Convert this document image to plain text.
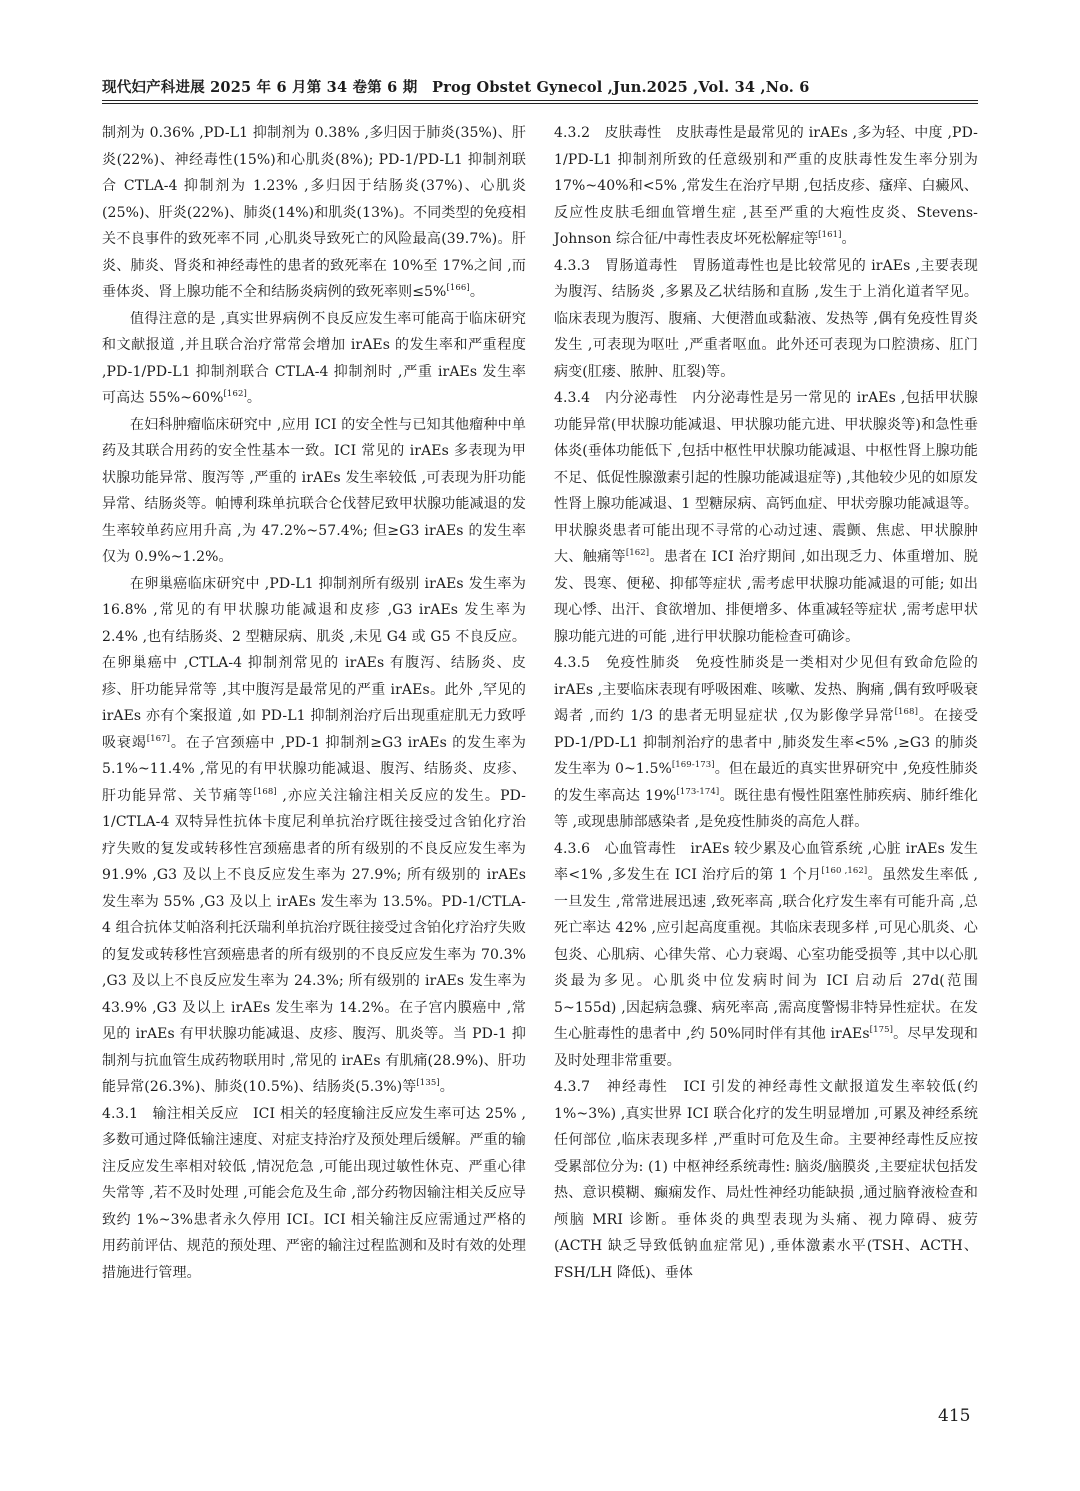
现代妇产科进展 2025 年 6 月第 34 卷第 6 期　Prog Obstet Gynecol ,Jun.2025 ,Vol. 34 ,No. 6

制剂为 0.36% ,PD-L1 抑制剂为 0.38% ,多归因于肺炎(35%)、肝炎(22%)、神经毒性(15%)和心肌炎(8%); PD-1/PD-L1 抑制剂联合 CTLA-4 抑制剂为 1.23% ,多归因于结肠炎(37%)、心肌炎(25%)、肝炎(22%)、肺炎(14%)和肌炎(13%)。不同类型的免疫相关不良事件的致死率不同 ,心肌炎导致死亡的风险最高(39.7%)。肝炎、肺炎、肾炎和神经毒性的患者的致死率在 10%至 17%之间 ,而垂体炎、肾上腺功能不全和结肠炎病例的致死率则≤5%[166]。

值得注意的是 ,真实世界病例不良反应发生率可能高于临床研究和文献报道 ,并且联合治疗常常会增加 irAEs 的发生率和严重程度 ,PD-1/PD-L1 抑制剂联合 CTLA-4 抑制剂时 ,严重 irAEs 发生率可高达 55%~60%[162]。

在妇科肿瘤临床研究中 ,应用 ICI 的安全性与已知其他瘤种中单药及其联合用药的安全性基本一致。ICI 常见的 irAEs 多表现为甲状腺功能异常、腹泻等 ,严重的 irAEs 发生率较低 ,可表现为肝功能异常、结肠炎等。帕博利珠单抗联合仑伐替尼致甲状腺功能减退的发生率较单药应用升高 ,为 47.2%~57.4%; 但≥G3 irAEs 的发生率仅为 0.9%~1.2%。

在卵巢癌临床研究中 ,PD-L1 抑制剂所有级别 irAEs 发生率为 16.8% ,常见的有甲状腺功能减退和皮疹 ,G3 irAEs 发生率为 2.4% ,也有结肠炎、2 型糖尿病、肌炎 ,未见 G4 或 G5 不良反应。在卵巢癌中 ,CTLA-4 抑制剂常见的 irAEs 有腹泻、结肠炎、皮疹、肝功能异常等 ,其中腹泻是最常见的严重 irAEs。此外 ,罕见的 irAEs 亦有个案报道 ,如 PD-L1 抑制剂治疗后出现重症肌无力致呼吸衰竭[167]。在子宫颈癌中 ,PD-1 抑制剂≥G3 irAEs 的发生率为 5.1%~11.4% ,常见的有甲状腺功能减退、腹泻、结肠炎、皮疹、肝功能异常、关节痛等[168] ,亦应关注输注相关反应的发生。PD-1/CTLA-4 双特异性抗体卡度尼利单抗治疗既往接受过含铂化疗治疗失败的复发或转移性宫颈癌患者的所有级别的不良反应发生率为 91.9% ,G3 及以上不良反应发生率为 27.9%; 所有级别的 irAEs 发生率为 55% ,G3 及以上 irAEs 发生率为 13.5%。PD-1/CTLA-4 组合抗体艾帕洛利托沃瑞利单抗治疗既往接受过含铂化疗治疗失败的复发或转移性宫颈癌患者的所有级别的不良反应发生率为 70.3% ,G3 及以上不良反应发生率为 24.3%; 所有级别的 irAEs 发生率为 43.9% ,G3 及以上 irAEs 发生率为 14.2%。在子宫内膜癌中 ,常见的 irAEs 有甲状腺功能减退、皮疹、腹泻、肌炎等。当 PD-1 抑制剂与抗血管生成药物联用时 ,常见的 irAEs 有肌痛(28.9%)、肝功能异常(26.3%)、肺炎(10.5%)、结肠炎(5.3%)等[135]。

4.3.1　输注相关反应　ICI 相关的轻度输注反应发生率可达 25% ,多数可通过降低输注速度、对症支持治疗及预处理后缓解。严重的输注反应发生率相对较低 ,情况危急 ,可能出现过敏性休克、严重心律失常等 ,若不及时处理 ,可能会危及生命 ,部分药物因输注相关反应导致约 1%~3%患者永久停用 ICI。ICI 相关输注反应需通过严格的用药前评估、规范的预处理、严密的输注过程监测和及时有效的处理措施进行管理。

4.3.2　皮肤毒性　皮肤毒性是最常见的 irAEs ,多为轻、中度 ,PD-1/PD-L1 抑制剂所致的任意级别和严重的皮肤毒性发生率分别为 17%~40%和<5% ,常发生在治疗早期 ,包括皮疹、瘙痒、白癜风、反应性皮肤毛细血管增生症 ,甚至严重的大疱性皮炎、Stevens-Johnson 综合征/中毒性表皮坏死松解症等[161]。

4.3.3　胃肠道毒性　胃肠道毒性也是比较常见的 irAEs ,主要表现为腹泻、结肠炎 ,多累及乙状结肠和直肠 ,发生于上消化道者罕见。临床表现为腹泻、腹痛、大便潜血或黏液、发热等 ,偶有免疫性胃炎发生 ,可表现为呕吐 ,严重者呕血。此外还可表现为口腔溃疡、肛门病变(肛瘘、脓肿、肛裂)等。

4.3.4　内分泌毒性　内分泌毒性是另一常见的 irAEs ,包括甲状腺功能异常(甲状腺功能减退、甲状腺功能亢进、甲状腺炎等)和急性垂体炎(垂体功能低下 ,包括中枢性甲状腺功能减退、中枢性肾上腺功能不足、低促性腺激素引起的性腺功能减退症等) ,其他较少见的如原发性肾上腺功能减退、1 型糖尿病、高钙血症、甲状旁腺功能减退等。甲状腺炎患者可能出现不寻常的心动过速、震颤、焦虑、甲状腺肿大、触痛等[162]。患者在 ICI 治疗期间 ,如出现乏力、体重增加、脱发、畏寒、便秘、抑郁等症状 ,需考虑甲状腺功能减退的可能; 如出现心悸、出汗、食欲增加、排便增多、体重减轻等症状 ,需考虑甲状腺功能亢进的可能 ,进行甲状腺功能检查可确诊。

4.3.5　免疫性肺炎　免疫性肺炎是一类相对少见但有致命危险的 irAEs ,主要临床表现有呼吸困难、咳嗽、发热、胸痛 ,偶有致呼吸衰竭者 ,而约 1/3 的患者无明显症状 ,仅为影像学异常[168]。在接受 PD-1/PD-L1 抑制剂治疗的患者中 ,肺炎发生率<5% ,≥G3 的肺炎发生率为 0~1.5%[169-173]。但在最近的真实世界研究中 ,免疫性肺炎的发生率高达 19%[173-174]。既往患有慢性阻塞性肺疾病、肺纤维化等 ,或现患肺部感染者 ,是免疫性肺炎的高危人群。

4.3.6　心血管毒性　irAEs 较少累及心血管系统 ,心脏 irAEs 发生率<1% ,多发生在 ICI 治疗后的第 1 个月[160 ,162]。虽然发生率低 ,一旦发生 ,常常进展迅速 ,致死率高 ,联合化疗发生率有可能升高 ,总死亡率达 42% ,应引起高度重视。其临床表现多样 ,可见心肌炎、心包炎、心肌病、心律失常、心力衰竭、心室功能受损等 ,其中以心肌炎最为多见。心肌炎中位发病时间为 ICI 启动后 27d(范围 5~155d) ,因起病急骤、病死率高 ,需高度警惕非特异性症状。在发生心脏毒性的患者中 ,约 50%同时伴有其他 irAEs[175]。尽早发现和及时处理非常重要。

4.3.7　神经毒性　ICI 引发的神经毒性文献报道发生率较低(约 1%~3%) ,真实世界 ICI 联合化疗的发生明显增加 ,可累及神经系统任何部位 ,临床表现多样 ,严重时可危及生命。主要神经毒性反应按受累部位分为: (1) 中枢神经系统毒性: 脑炎/脑膜炎 ,主要症状包括发热、意识模糊、癫痫发作、局灶性神经功能缺损 ,通过脑脊液检查和颅脑 MRI 诊断。垂体炎的典型表现为头痛、视力障碍、疲劳(ACTH 缺乏导致低钠血症常见) ,垂体激素水平(TSH、ACTH、FSH/LH 降低)、垂体

415
